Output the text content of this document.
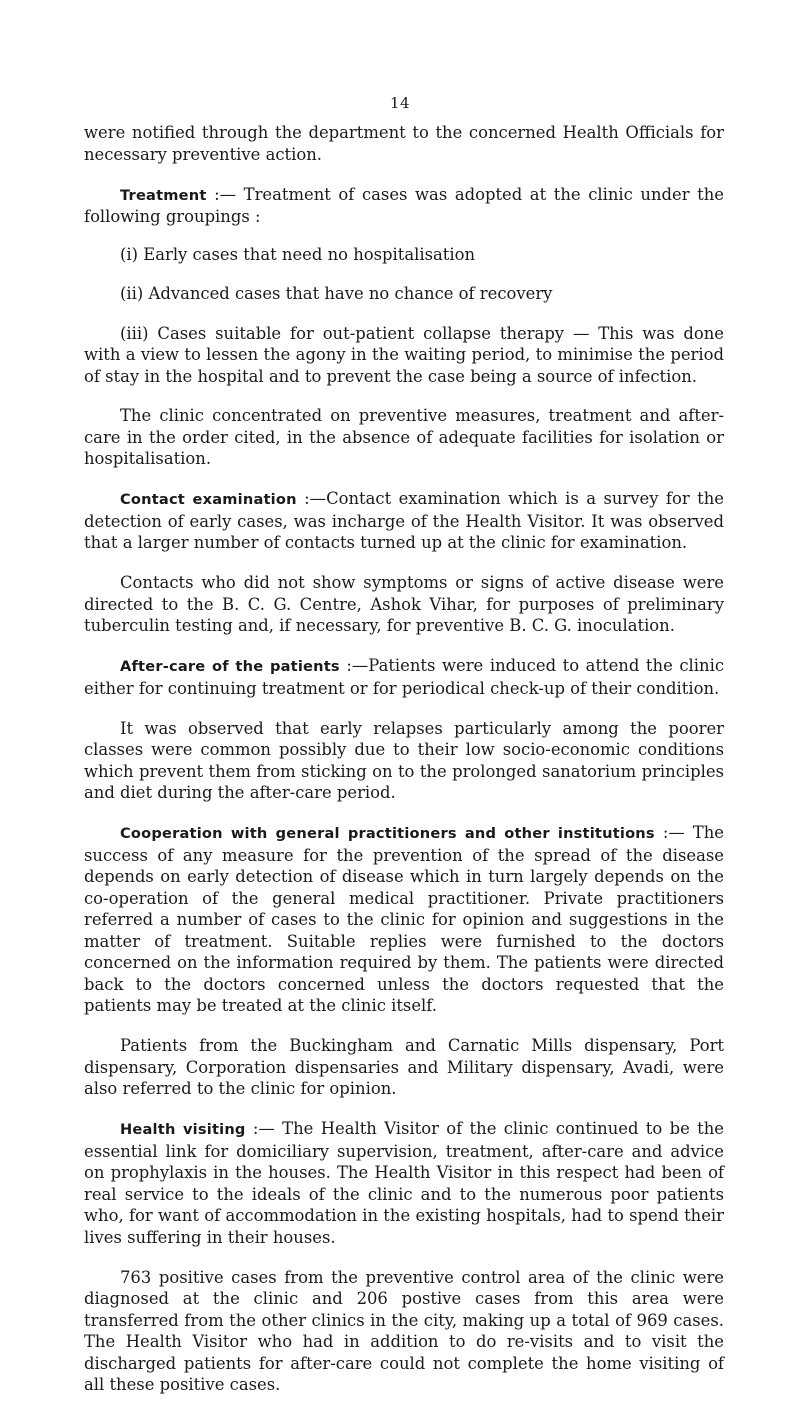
14

were notified through the department to the concerned Health Officials for necessary preventive action.

Treatment :— Treatment of cases was adopted at the clinic under the following groupings :

(i) Early cases that need no hospitalisation

(ii) Advanced cases that have no chance of recovery

(iii) Cases suitable for out-patient collapse therapy — This was done with a view to lessen the agony in the waiting period, to minimise the period of stay in the hospital and to prevent the case being a source of infection.

The clinic concentrated on preventive measures, treatment and after-care in the order cited, in the absence of adequate facilities for isolation or hospitalisation.

Contact examination :—Contact examination which is a survey for the detection of early cases, was incharge of the Health Visitor. It was observed that a larger number of contacts turned up at the clinic for examination.

Contacts who did not show symptoms or signs of active disease were directed to the B. C. G. Centre, Ashok Vihar, for purposes of preliminary tuberculin testing and, if necessary, for preventive B. C. G. inoculation.

After-care of the patients :—Patients were induced to attend the clinic either for continuing treatment or for periodical check-up of their condition.

It was observed that early relapses particularly among the poorer classes were common possibly due to their low socio-economic conditions which prevent them from sticking on to the prolonged sanatorium principles and diet during the after-care period.

Cooperation with general practitioners and other institutions :— The success of any measure for the prevention of the spread of the disease depends on early detection of disease which in turn largely depends on the co-operation of the general medical practitioner. Private practitioners referred a number of cases to the clinic for opinion and suggestions in the matter of treatment. Suitable replies were furnished to the doctors concerned on the information required by them. The patients were directed back to the doctors concerned unless the doctors requested that the patients may be treated at the clinic itself.

Patients from the Buckingham and Carnatic Mills dispensary, Port dispensary, Corporation dispensaries and Military dispensary, Avadi, were also referred to the clinic for opinion.

Health visiting :— The Health Visitor of the clinic continued to be the essential link for domiciliary supervision, treatment, after-care and advice on prophylaxis in the houses. The Health Visitor in this respect had been of real service to the ideals of the clinic and to the numerous poor patients who, for want of accommodation in the existing hospitals, had to spend their lives suffering in their houses.

763 positive cases from the preventive control area of the clinic were diagnosed at the clinic and 206 postive cases from this area were transferred from the other clinics in the city, making up a total of 969 cases. The Health Visitor who had in addition to do re-visits and to visit the discharged patients for after-care could not complete the home visiting of all these positive cases.
